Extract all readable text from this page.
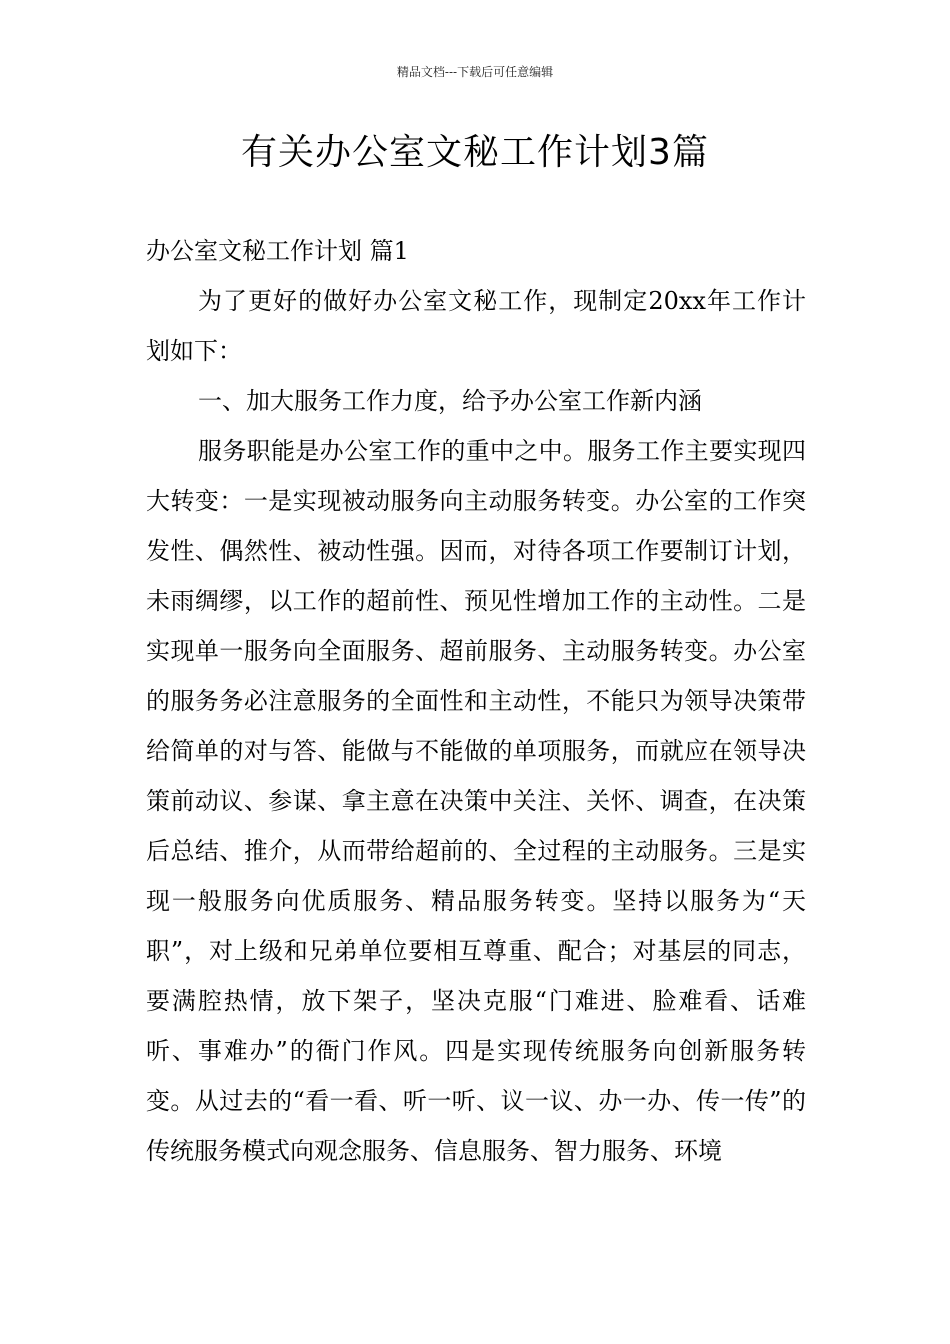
精品文档---下载后可任意编辑
有关办公室文秘工作计划3篇

办公室文秘工作计划 篇1

为了更好的做好办公室文秘工作，现制定20xx年工作计划如下：

一、加大服务工作力度，给予办公室工作新内涵

服务职能是办公室工作的重中之中。服务工作主要实现四大转变：一是实现被动服务向主动服务转变。办公室的工作突发性、偶然性、被动性强。因而，对待各项工作要制订计划，未雨绸缪，以工作的超前性、预见性增加工作的主动性。二是实现单一服务向全面服务、超前服务、主动服务转变。办公室的服务务必注意服务的全面性和主动性，不能只为领导决策带给简单的对与答、能做与不能做的单项服务，而就应在领导决策前动议、参谋、拿主意在决策中关注、关怀、调查，在决策后总结、推介，从而带给超前的、全过程的主动服务。三是实现一般服务向优质服务、精品服务转变。坚持以服务为“天职”，对上级和兄弟单位要相互尊重、配合；对基层的同志，要满腔热情，放下架子，坚决克服“门难进、脸难看、话难听、事难办”的衙门作风。四是实现传统服务向创新服务转变。从过去的“看一看、听一听、议一议、办一办、传一传”的传统服务模式向观念服务、信息服务、智力服务、环境
